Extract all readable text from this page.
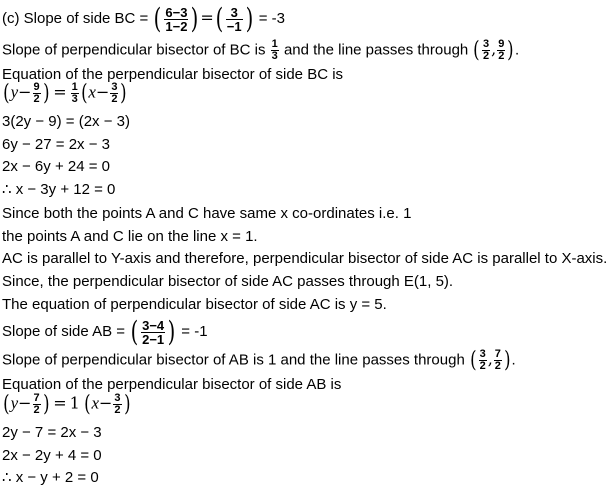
(c) Slope of side BC = ( $\frac{6-3}{1-2}$ ) =( $\frac{3}{-1}$ ) = -3
Slope of perpendicular bisector of BC is $\frac{1}{3}$ and the line passes through ( $\frac{3}{2}$ , $\frac{9}{2}$ ).
Equation of the perpendicular bisector of side BC is
($y- \frac{9}{2}$ ) = $\frac{1}{3} (x- \frac{3}{2}$ )
3(2y − 9) = (2x − 3)
6y − 27 = 2x − 3
2x − 6y + 24 = 0
∴ x − 3y + 12 = 0
Since both the points A and C have same x co-ordinates i.e. 1
the points A and C lie on the line x = 1.
AC is parallel to Y-axis and therefore, perpendicular bisector of side AC is parallel to X-axis.
Since, the perpendicular bisector of side AC passes through E(1, 5).
The equation of perpendicular bisector of side AC is y = 5.
Slope of side AB = ( $\frac{3-4}{2-1}$ ) = -1
Slope of perpendicular bisector of AB is 1 and the line passes through ( $\frac{3}{2}$ , $\frac{7}{2}$ ).
Equation of the perpendicular bisector of side AB is
($y- \frac{7}{2}$ ) = 1 ($x- \frac{3}{2}$ )
2y − 7 = 2x − 3
2x − 2y + 4 = 0
∴ x − y + 2 = 0
